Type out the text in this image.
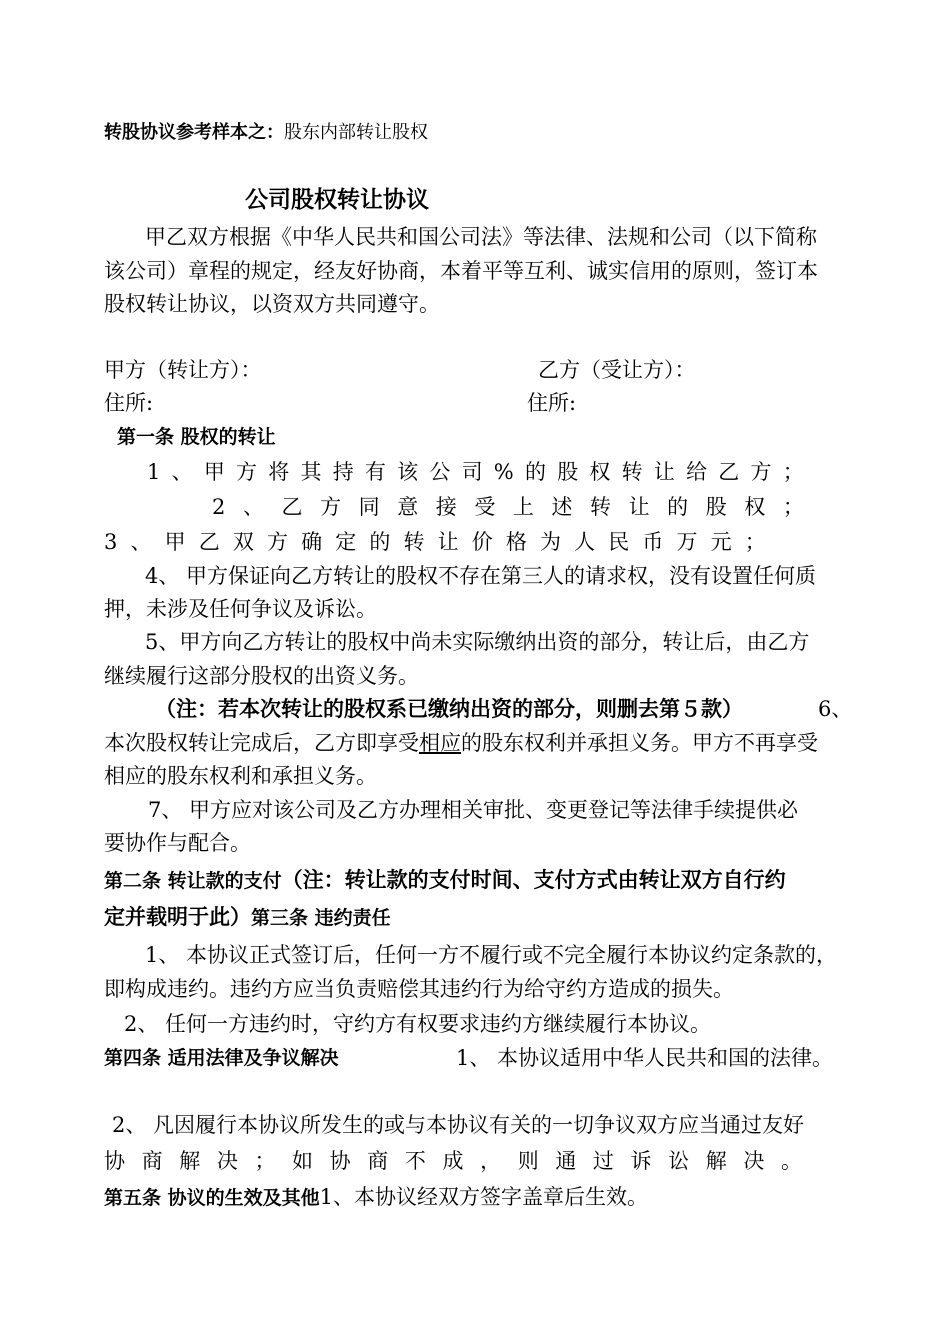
转股协议参考样本之：股东内部转让股权
公司股权转让协议
甲乙双方根据《中华人民共和国公司法》等法律、法规和公司（以下简称
该公司）章程的规定，经友好协商，本着平等互利、诚实信用的原则，签订本
股权转让协议，以资双方共同遵守。
甲方（转让方）：	乙方（受让方）：
住所:	住所:
第一条 股权的转让
1 、 甲 方 将 其 持 有 该 公 司 % 的 股 权 转 让 给 乙 方 ；
2 、 乙 方 同 意 接 受 上 述 转 让 的 股 权 ；
3 、 甲 乙 双 方 确 定 的 转 让 价 格 为 人 民 币 万 元 ；
4、 甲方保证向乙方转让的股权不存在第三人的请求权，没有设置任何质
押，未涉及任何争议及诉讼。
5、甲方向乙方转让的股权中尚未实际缴纳出资的部分，转让后，由乙方
继续履行这部分股权的出资义务。
（注：若本次转让的股权系已缴纳出资的部分，则删去第５款）	6、
本次股权转让完成后，乙方即享受相应的股东权利并承担义务。甲方不再享受
相应的股东权利和承担义务。
7、 甲方应对该公司及乙方办理相关审批、变更登记等法律手续提供必
要协作与配合。
第二条 转让款的支付（注：转让款的支付时间、支付方式由转让双方自行约
定并载明于此）第三条 违约责任
1、 本协议正式签订后，任何一方不履行或不完全履行本协议约定条款的，
即构成违约。违约方应当负责赔偿其违约行为给守约方造成的损失。
2、 任何一方违约时，守约方有权要求违约方继续履行本协议。
第四条 适用法律及争议解决	1、 本协议适用中华人民共和国的法律。
2、 凡因履行本协议所发生的或与本协议有关的一切争议双方应当通过友好
协 商 解 决 ； 如 协 商 不 成 ， 则 通 过 诉 讼 解 决 。
第五条 协议的生效及其他1、本协议经双方签字盖章后生效。
